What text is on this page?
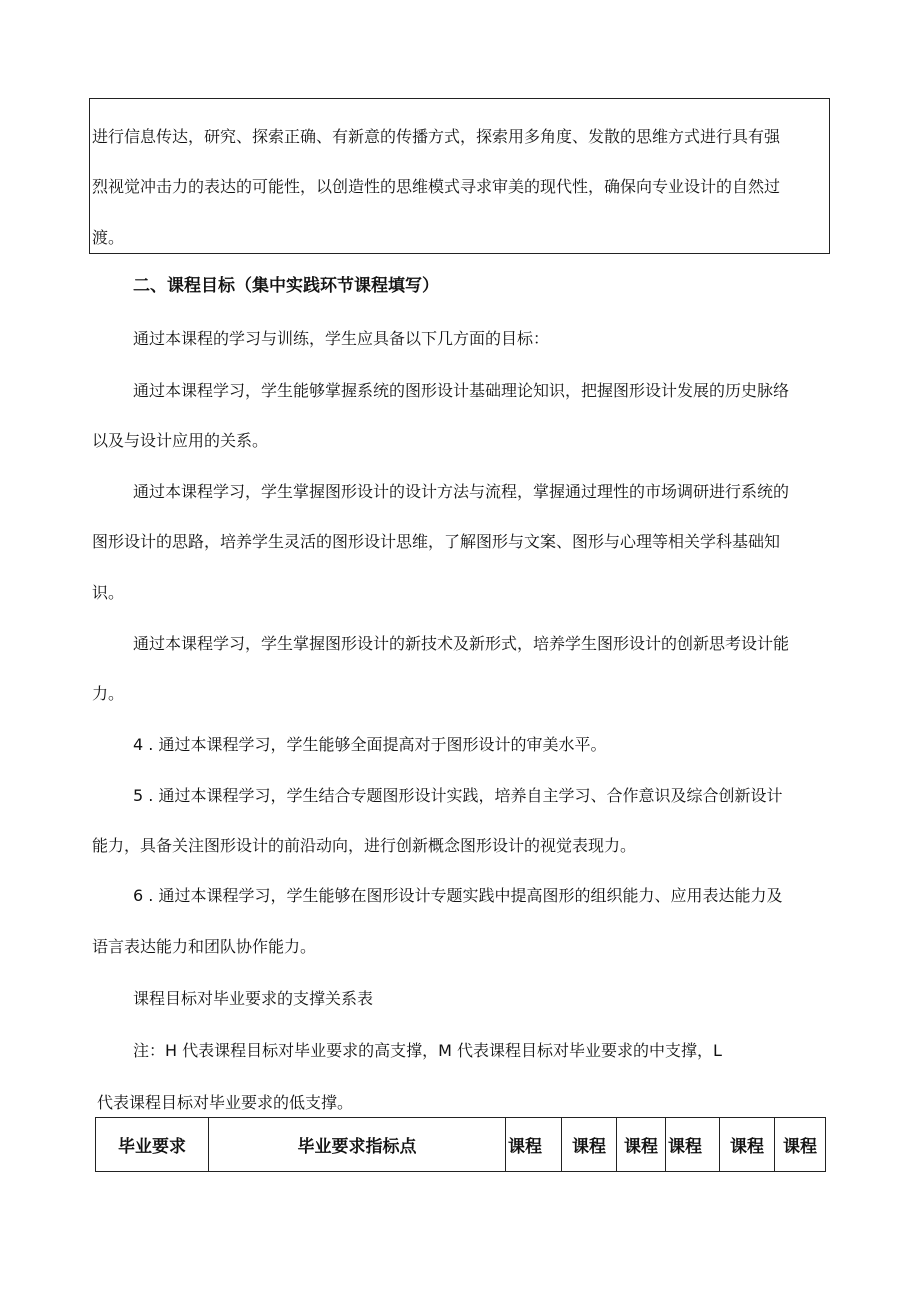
进行信息传达，研究、探索正确、有新意的传播方式，探索用多角度、发散的思维方式进行具有强
烈视觉冲击力的表达的可能性，以创造性的思维模式寻求审美的现代性，确保向专业设计的自然过
渡。
二、课程目标（集中实践环节课程填写）
通过本课程的学习与训练，学生应具备以下几方面的目标：
通过本课程学习，学生能够掌握系统的图形设计基础理论知识，把握图形设计发展的历史脉络
以及与设计应用的关系。
通过本课程学习，学生掌握图形设计的设计方法与流程，掌握通过理性的市场调研进行系统的
图形设计的思路，培养学生灵活的图形设计思维，了解图形与文案、图形与心理等相关学科基础知
识。
通过本课程学习，学生掌握图形设计的新技术及新形式，培养学生图形设计的创新思考设计能
力。
4 . 通过本课程学习，学生能够全面提高对于图形设计的审美水平。
5 . 通过本课程学习，学生结合专题图形设计实践，培养自主学习、合作意识及综合创新设计
能力，具备关注图形设计的前沿动向，进行创新概念图形设计的视觉表现力。
6 . 通过本课程学习，学生能够在图形设计专题实践中提高图形的组织能力、应用表达能力及
语言表达能力和团队协作能力。
课程目标对毕业要求的支撑关系表
注：H 代表课程目标对毕业要求的高支撑，M 代表课程目标对毕业要求的中支撑，L
代表课程目标对毕业要求的低支撑。
毕业要求	毕业要求指标点	课程	课程	课程 课程	课程	课程
